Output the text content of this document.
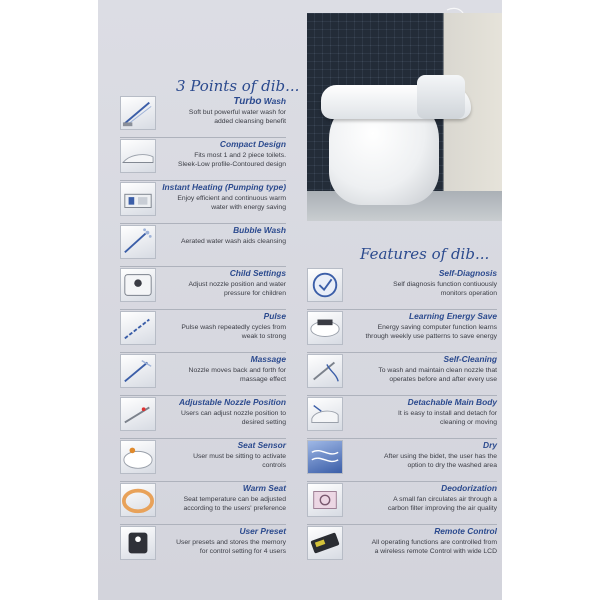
3 Points of dib...
Features of dib...
Turbo Wash
Soft but powerful water wash for
added cleansing benefit
Compact Design
Fits most 1 and 2 piece toilets.
Sleek-Low profile-Contoured design
Instant Heating (Pumping type)
Enjoy efficient and continuous warm
water with energy saving
Bubble Wash
Aerated water wash aids cleansing
Child Settings
Adjust nozzle position and water
pressure for children
Pulse
Pulse wash repeatedly cycles from
weak to strong
Massage
Nozzle moves back and forth for
massage effect
Adjustable Nozzle Position
Users can adjust nozzle position to
desired setting
Seat Sensor
User must be sitting to activate
controls
Warm Seat
Seat temperature can be adjusted
according to the users' preference
User Preset
User presets and stores the memory
for control setting for 4 users
Self-Diagnosis
Self diagnosis function contiuously
monitors operation
Learning Energy Save
Energy saving computer function learns
through weekly use patterns to save energy
Self-Cleaning
To wash and maintain clean nozzle that
operates before and after every use
Detachable Main Body
It is easy to install and detach for
cleaning or moving
Dry
After using the bidet, the user has the
option to dry the washed area
Deodorization
A small fan circulates air through a
carbon filter improving the air quality
Remote Control
All operating functions are controlled from
a wireless remote Control with wide LCD
